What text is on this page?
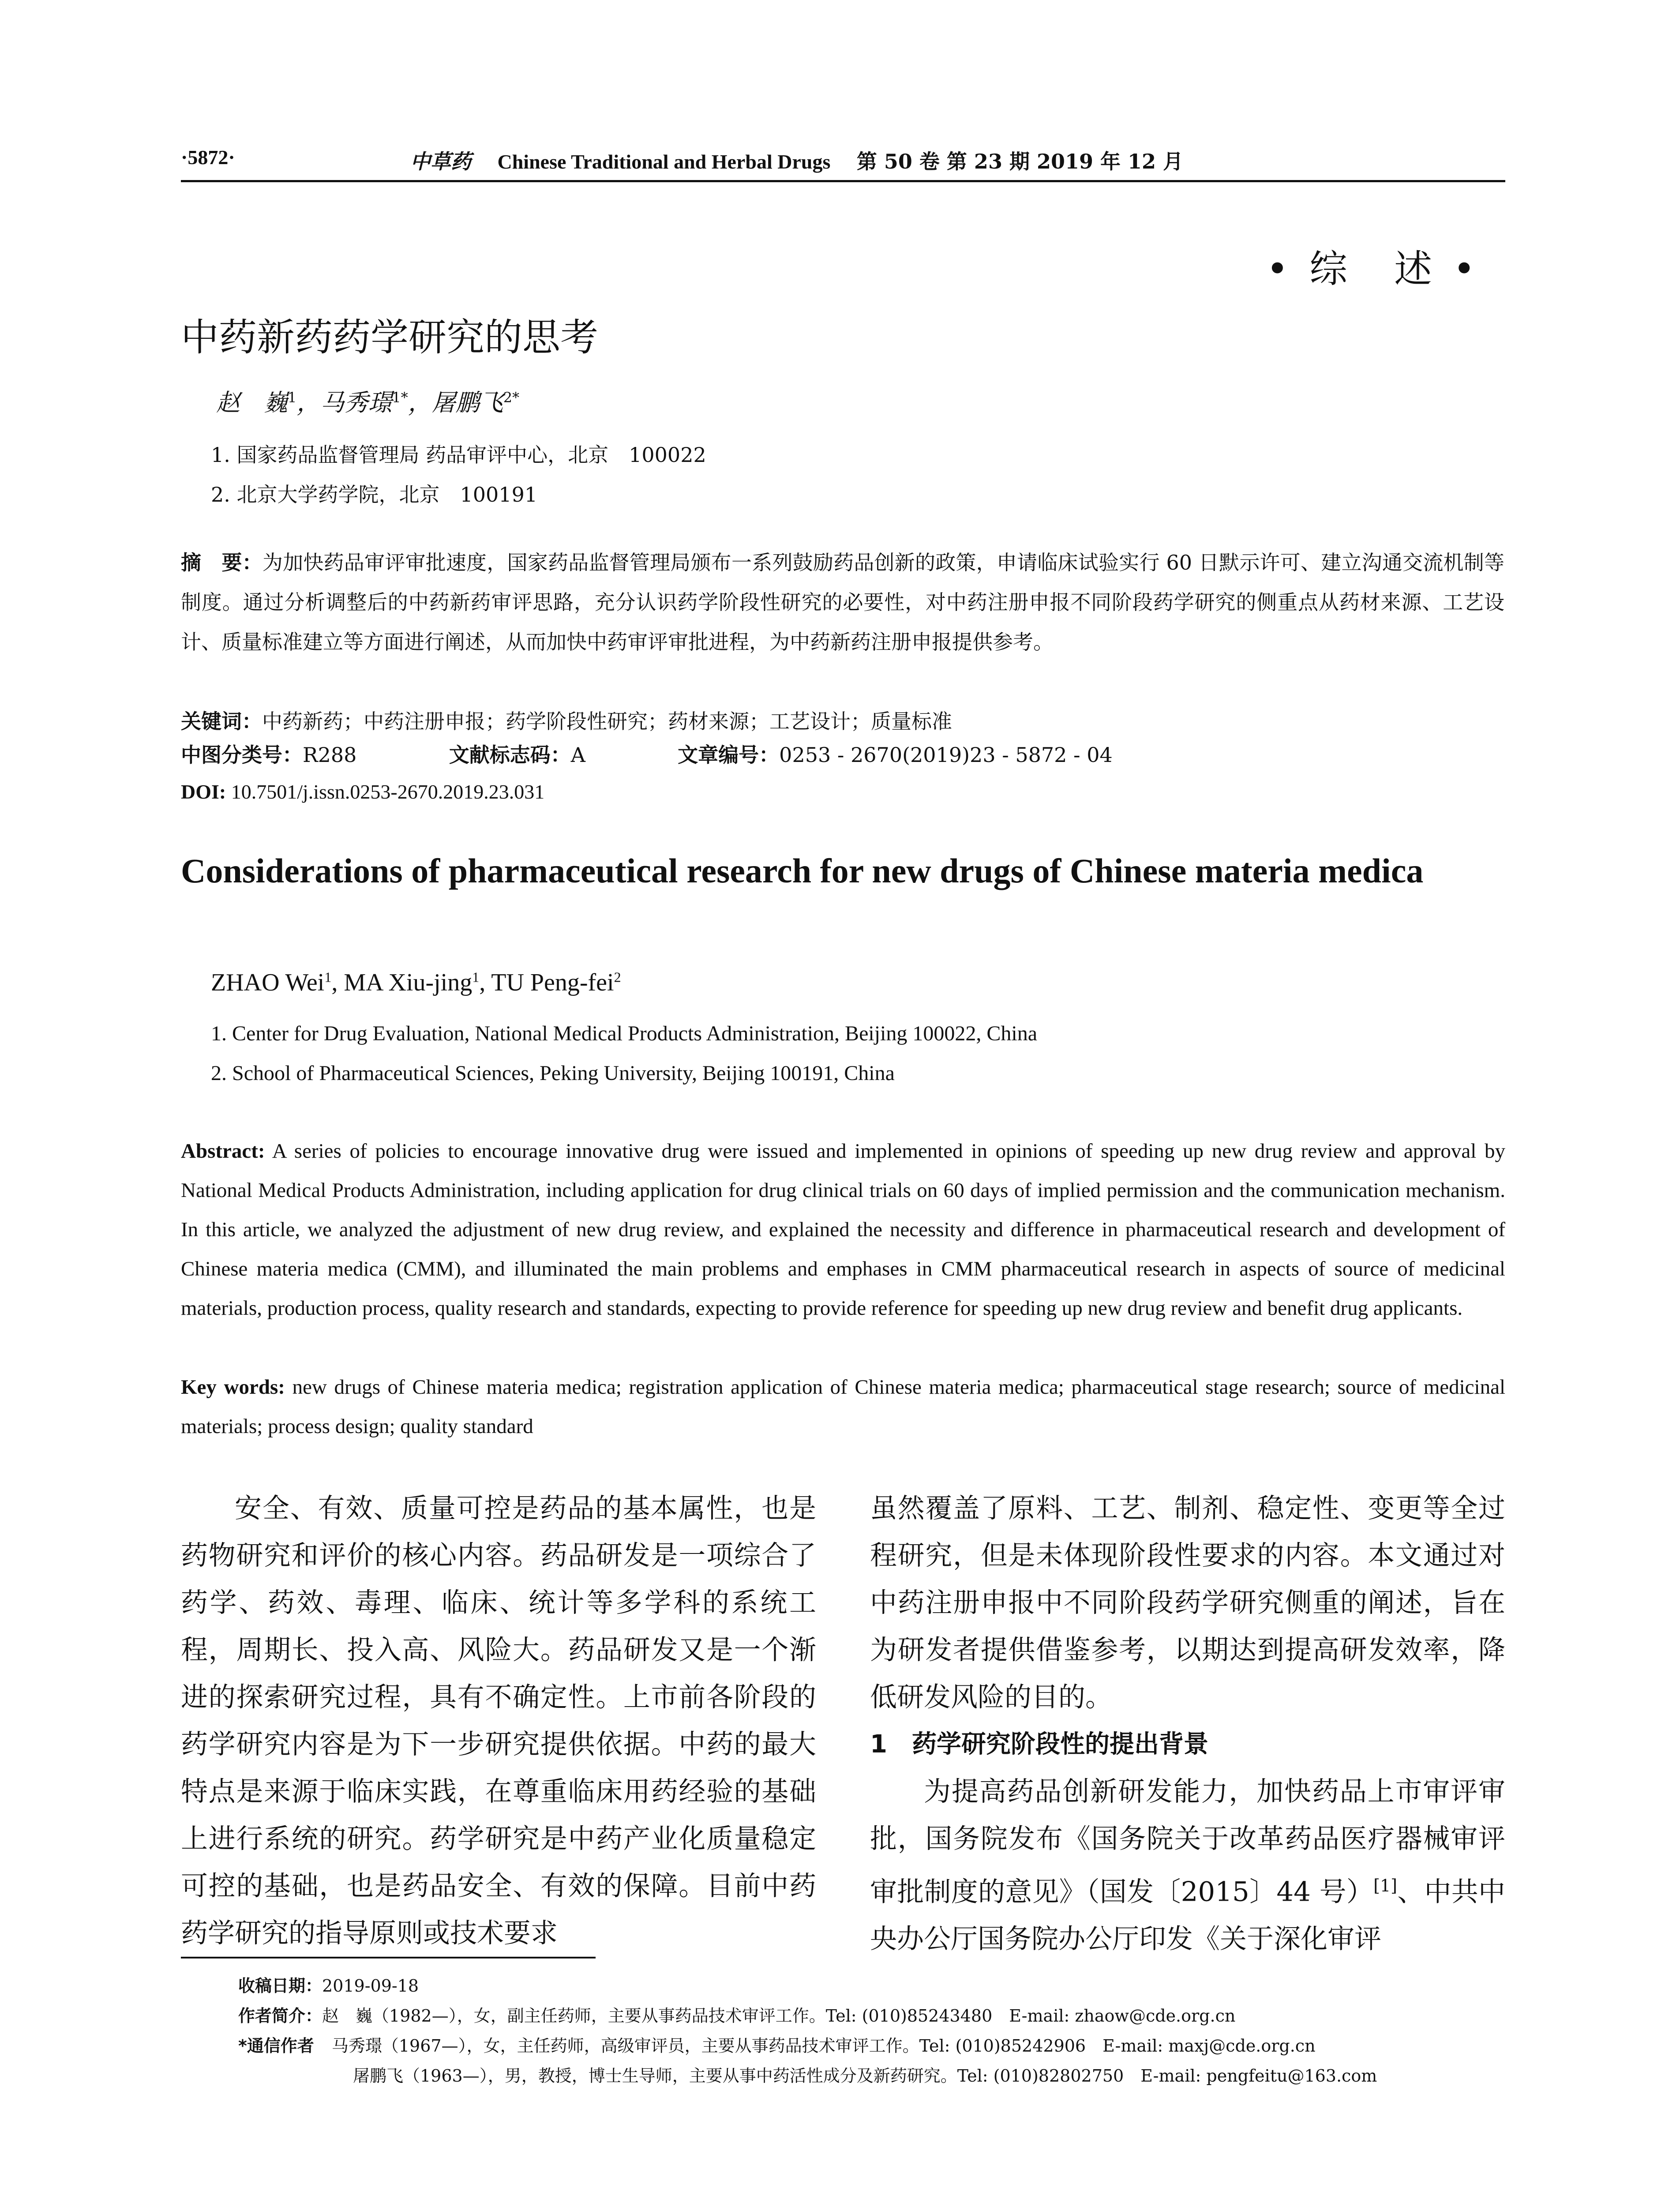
·5872·	中草药 Chinese Traditional and Herbal Drugs 第 50 卷 第 23 期 2019 年 12 月
• 综　述 •
中药新药药学研究的思考
赵　巍$^1$，马秀璟$^{1*}$，屠鹏飞$^{2*}$
1. 国家药品监督管理局 药品审评中心，北京　100022
2. 北京大学药学院，北京　100191
摘　要：为加快药品审评审批速度，国家药品监督管理局颁布一系列鼓励药品创新的政策，申请临床试验实行 60 日默示许可、建立沟通交流机制等制度。通过分析调整后的中药新药审评思路，充分认识药学阶段性研究的必要性，对中药注册申报不同阶段药学研究的侧重点从药材来源、工艺设计、质量标准建立等方面进行阐述，从而加快中药审评审批进程，为中药新药注册申报提供参考。
关键词：中药新药；中药注册申报；药学阶段性研究；药材来源；工艺设计；质量标准
中图分类号：R288	文献标志码：A	文章编号：0253 - 2670(2019)23 - 5872 - 04
DOI: 10.7501/j.issn.0253-2670.2019.23.031
Considerations of pharmaceutical research for new drugs of Chinese materia medica
ZHAO Wei$^1$, MA Xiu-jing$^1$, TU Peng-fei$^2$
1. Center for Drug Evaluation, National Medical Products Administration, Beijing 100022, China
2. School of Pharmaceutical Sciences, Peking University, Beijing 100191, China
Abstract: A series of policies to encourage innovative drug were issued and implemented in opinions of speeding up new drug review and approval by National Medical Products Administration, including application for drug clinical trials on 60 days of implied permission and the communication mechanism. In this article, we analyzed the adjustment of new drug review, and explained the necessity and difference in pharmaceutical research and development of Chinese materia medica (CMM), and illuminated the main problems and emphases in CMM pharmaceutical research in aspects of source of medicinal materials, production process, quality research and standards, expecting to provide reference for speeding up new drug review and benefit drug applicants.
Key words: new drugs of Chinese materia medica; registration application of Chinese materia medica; pharmaceutical stage research; source of medicinal materials; process design; quality standard

安全、有效、质量可控是药品的基本属性，也是药物研究和评价的核心内容。药品研发是一项综合了药学、药效、毒理、临床、统计等多学科的系统工程，周期长、投入高、风险大。药品研发又是一个渐进的探索研究过程，具有不确定性。上市前各阶段的药学研究内容是为下一步研究提供依据。中药的最大特点是来源于临床实践，在尊重临床用药经验的基础上进行系统的研究。药学研究是中药产业化质量稳定可控的基础，也是药品安全、有效的保障。目前中药药学研究的指导原则或技术要求

虽然覆盖了原料、工艺、制剂、稳定性、变更等全过程研究，但是未体现阶段性要求的内容。本文通过对中药注册申报中不同阶段药学研究侧重的阐述，旨在为研发者提供借鉴参考，以期达到提高研发效率，降低研发风险的目的。

1　药学研究阶段性的提出背景

为提高药品创新研发能力，加快药品上市审评审批，国务院发布《国务院关于改革药品医疗器械审评审批制度的意见》（国发〔2015〕44 号）[1]、中共中央办公厅国务院办公厅印发《关于深化审评

收稿日期：2019-09-18
作者简介：赵　巍（1982—），女，副主任药师，主要从事药品技术审评工作。Tel: (010)85243480　E-mail: zhaow@cde.org.cn
*通信作者 马秀璟（1967—），女，主任药师，高级审评员，主要从事药品技术审评工作。Tel: (010)85242906　E-mail: maxj@cde.org.cn
屠鹏飞（1963—），男，教授，博士生导师，主要从事中药活性成分及新药研究。Tel: (010)82802750　E-mail: pengfeitu@163.com
